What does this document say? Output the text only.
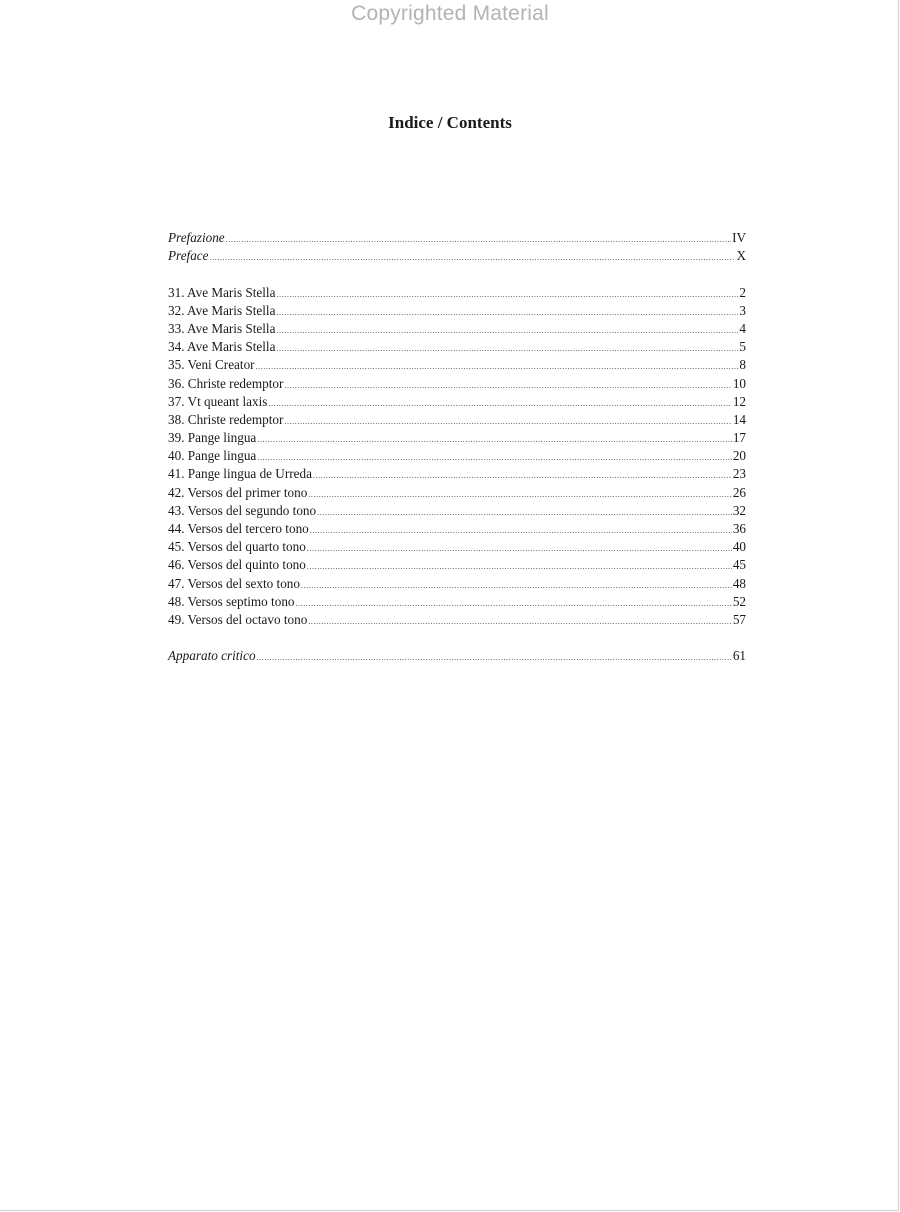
Copyrighted Material
Indice / Contents
Prefazione .....	IV
Preface .....	X
31. Ave Maris Stella .....	2
32. Ave Maris Stella .....	3
33. Ave Maris Stella .....	4
34. Ave Maris Stella .....	5
35. Veni Creator .....	8
36. Christe redemptor .....	10
37. Vt queant laxis .....	12
38. Christe redemptor .....	14
39. Pange lingua .....	17
40. Pange lingua .....	20
41. Pange lingua de Urreda .....	23
42. Versos del primer tono .....	26
43. Versos del segundo tono .....	32
44. Versos del tercero tono .....	36
45. Versos del quarto tono .....	40
46. Versos del quinto tono .....	45
47. Versos del sexto tono .....	48
48. Versos septimo tono .....	52
49. Versos del octavo tono .....	57
Apparato critico .....	61
